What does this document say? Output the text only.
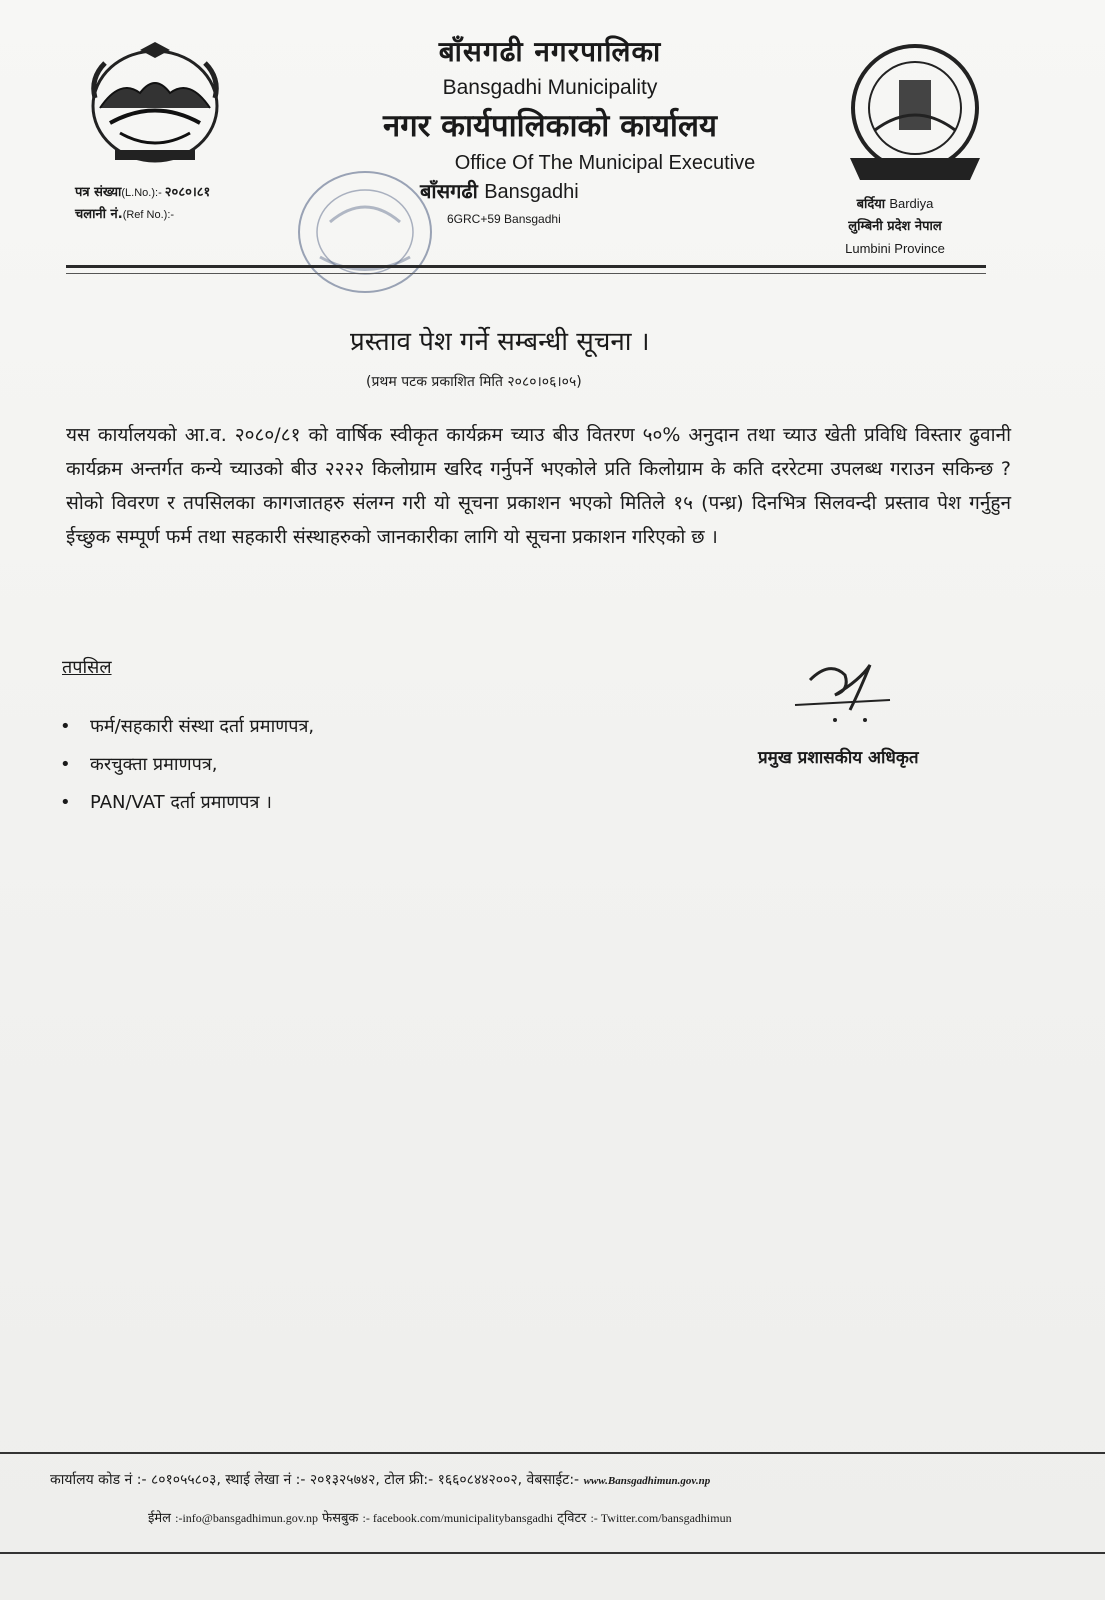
बाँसगढी नगरपालिका
Bansgadhi Municipality
नगर कार्यपालिकाको कार्यालय
Office Of The Municipal Executive
बाँसगढी Bansgadhi
6GRC+59 Bansgadhi
पत्र संख्या(L.No.):- २०८०।८१
चलानी नं.(Ref No.):-
बर्दिया Bardiya
लुम्बिनी प्रदेश नेपाल
Lumbini Province
प्रस्ताव पेश गर्ने सम्बन्धी सूचना ।
(प्रथम पटक प्रकाशित मिति २०८०।०६।०५)
यस कार्यालयको आ.व. २०८०/८१ को वार्षिक स्वीकृत कार्यक्रम च्याउ बीउ वितरण ५०% अनुदान तथा च्याउ खेती प्रविधि विस्तार ढुवानी कार्यक्रम अन्तर्गत कन्ये च्याउको बीउ २२२२ किलोग्राम खरिद गर्नुपर्ने भएकोले प्रति किलोग्राम के कति दररेटमा उपलब्ध गराउन सकिन्छ ? सोको विवरण र तपसिलका कागजातहरु संलग्न गरी यो सूचना प्रकाशन भएको मितिले १५ (पन्ध्र) दिनभित्र सिलवन्दी प्रस्ताव पेश गर्नुहुन ईच्छुक सम्पूर्ण फर्म तथा सहकारी संस्थाहरुको जानकारीका लागि यो सूचना प्रकाशन गरिएको छ ।
तपसिल
• फर्म/सहकारी संस्था दर्ता प्रमाणपत्र,
• करचुक्ता प्रमाणपत्र,
• PAN/VAT दर्ता प्रमाणपत्र ।
प्रमुख प्रशासकीय अधिकृत
कार्यालय कोड नं :- ८०१०५५८०३, स्थाई लेखा नं :- २०१३२५७४२, टोल फ्री:- १६६०८४४२००२, वेबसाईट:- www.Bansgadhimun.gov.np
ईमेल :-info@bansgadhimun.gov.np फेसबुक :- facebook.com/municipalitybansgadhi ट्विटर :- Twitter.com/bansgadhimun
